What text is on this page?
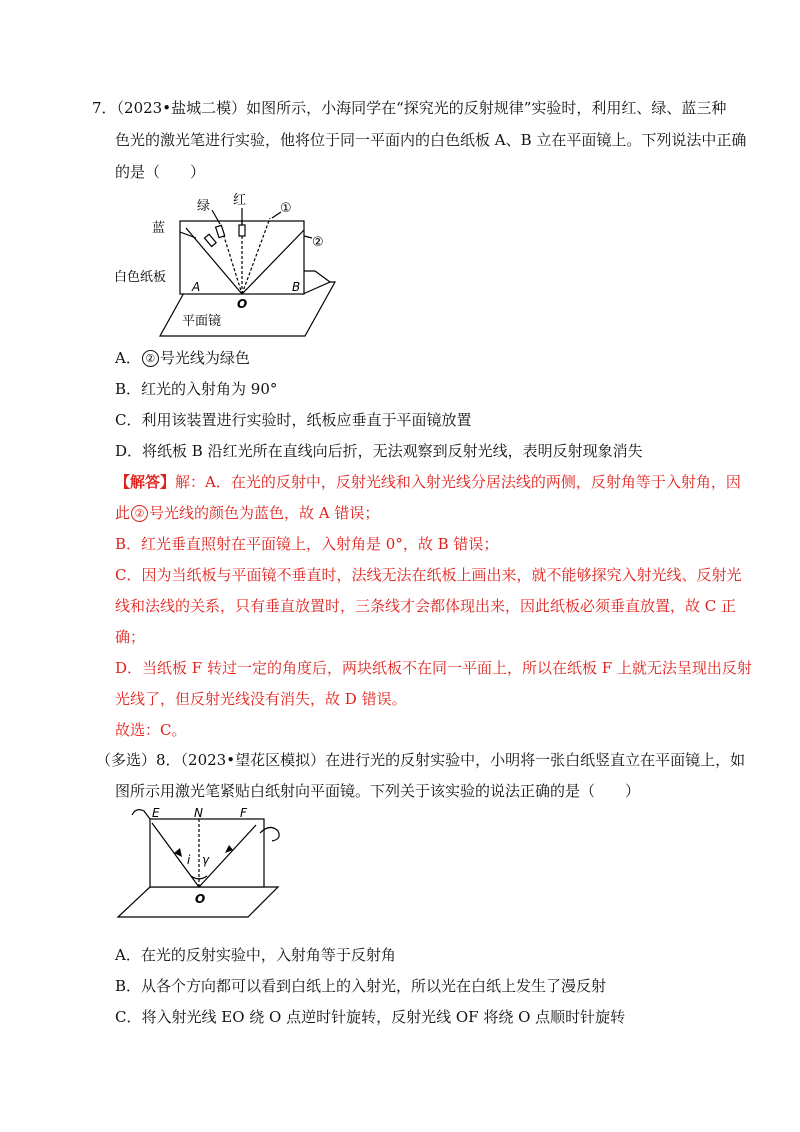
7．（2023•盐城二模）如图所示，小海同学在“探究光的反射规律”实验时，利用红、绿、蓝三种
色光的激光笔进行实验，他将位于同一平面内的白色纸板 A、B 立在平面镜上。下列说法中正确
的是（　　）
红
绿
蓝
①
②
白色纸板
A	B
O
平面镜
A． ② 号光线为绿色
B．红光的入射角为 90°
C．利用该装置进行实验时，纸板应垂直于平面镜放置
D．将纸板 B 沿红光所在直线向后折，无法观察到反射光线，表明反射现象消失
【解答】解：A．在光的反射中，反射光线和入射光线分居法线的两侧，反射角等于入射角，因
此 ② 号光线的颜色为蓝色，故 A 错误；
B．红光垂直照射在平面镜上，入射角是 0°，故 B 错误；
C．因为当纸板与平面镜不垂直时，法线无法在纸板上画出来，就不能够探究入射光线、反射光
线和法线的关系，只有垂直放置时，三条线才会都体现出来，因此纸板必须垂直放置，故 C 正
确；
D．当纸板 F 转过一定的角度后，两块纸板不在同一平面上，所以在纸板 F 上就无法呈现出反射
光线了，但反射光线没有消失，故 D 错误。
故选：C。
（多选）8．（2023•望花区模拟）在进行光的反射实验中，小明将一张白纸竖直立在平面镜上，如
图所示用激光笔紧贴白纸射向平面镜。下列关于该实验的说法正确的是（　　）
E	N	F
i γ
O
A．在光的反射实验中，入射角等于反射角
B．从各个方向都可以看到白纸上的入射光，所以光在白纸上发生了漫反射
C．将入射光线 EO 绕 O 点逆时针旋转，反射光线 OF 将绕 O 点顺时针旋转
